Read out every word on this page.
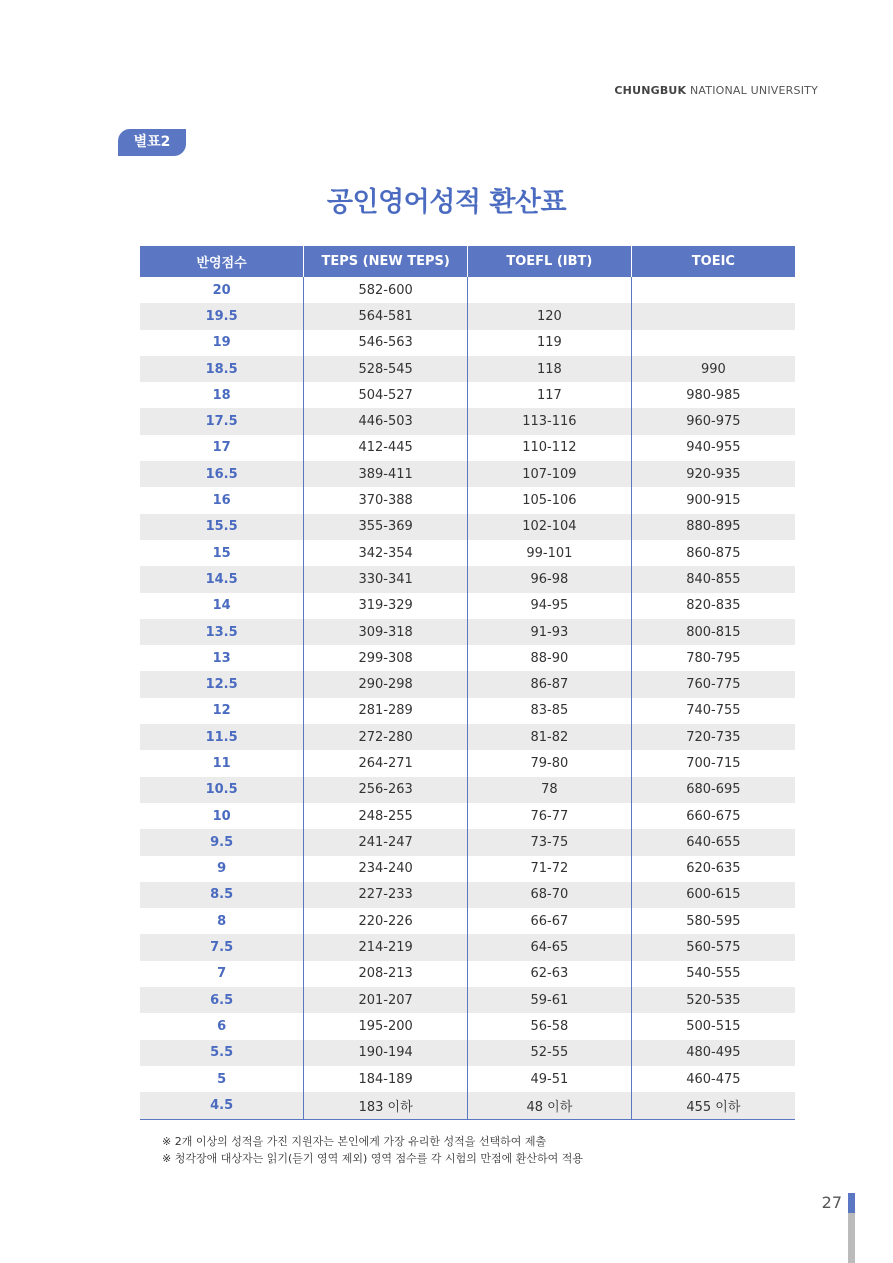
CHUNGBUK NATIONAL UNIVERSITY
별표2
공인영어성적 환산표
반영점수	TEPS (NEW TEPS)	TOEFL (IBT)	TOEIC
20	582-600		
19.5	564-581	120	
19	546-563	119	
18.5	528-545	118	990
18	504-527	117	980-985
17.5	446-503	113-116	960-975
17	412-445	110-112	940-955
16.5	389-411	107-109	920-935
16	370-388	105-106	900-915
15.5	355-369	102-104	880-895
15	342-354	99-101	860-875
14.5	330-341	96-98	840-855
14	319-329	94-95	820-835
13.5	309-318	91-93	800-815
13	299-308	88-90	780-795
12.5	290-298	86-87	760-775
12	281-289	83-85	740-755
11.5	272-280	81-82	720-735
11	264-271	79-80	700-715
10.5	256-263	78	680-695
10	248-255	76-77	660-675
9.5	241-247	73-75	640-655
9	234-240	71-72	620-635
8.5	227-233	68-70	600-615
8	220-226	66-67	580-595
7.5	214-219	64-65	560-575
7	208-213	62-63	540-555
6.5	201-207	59-61	520-535
6	195-200	56-58	500-515
5.5	190-194	52-55	480-495
5	184-189	49-51	460-475
4.5	183 이하	48 이하	455 이하
※ 2개 이상의 성적을 가진 지원자는 본인에게 가장 유리한 성적을 선택하여 제출
※ 청각장애 대상자는 읽기(듣기 영역 제외) 영역 점수를 각 시험의 만점에 환산하여 적용
27
